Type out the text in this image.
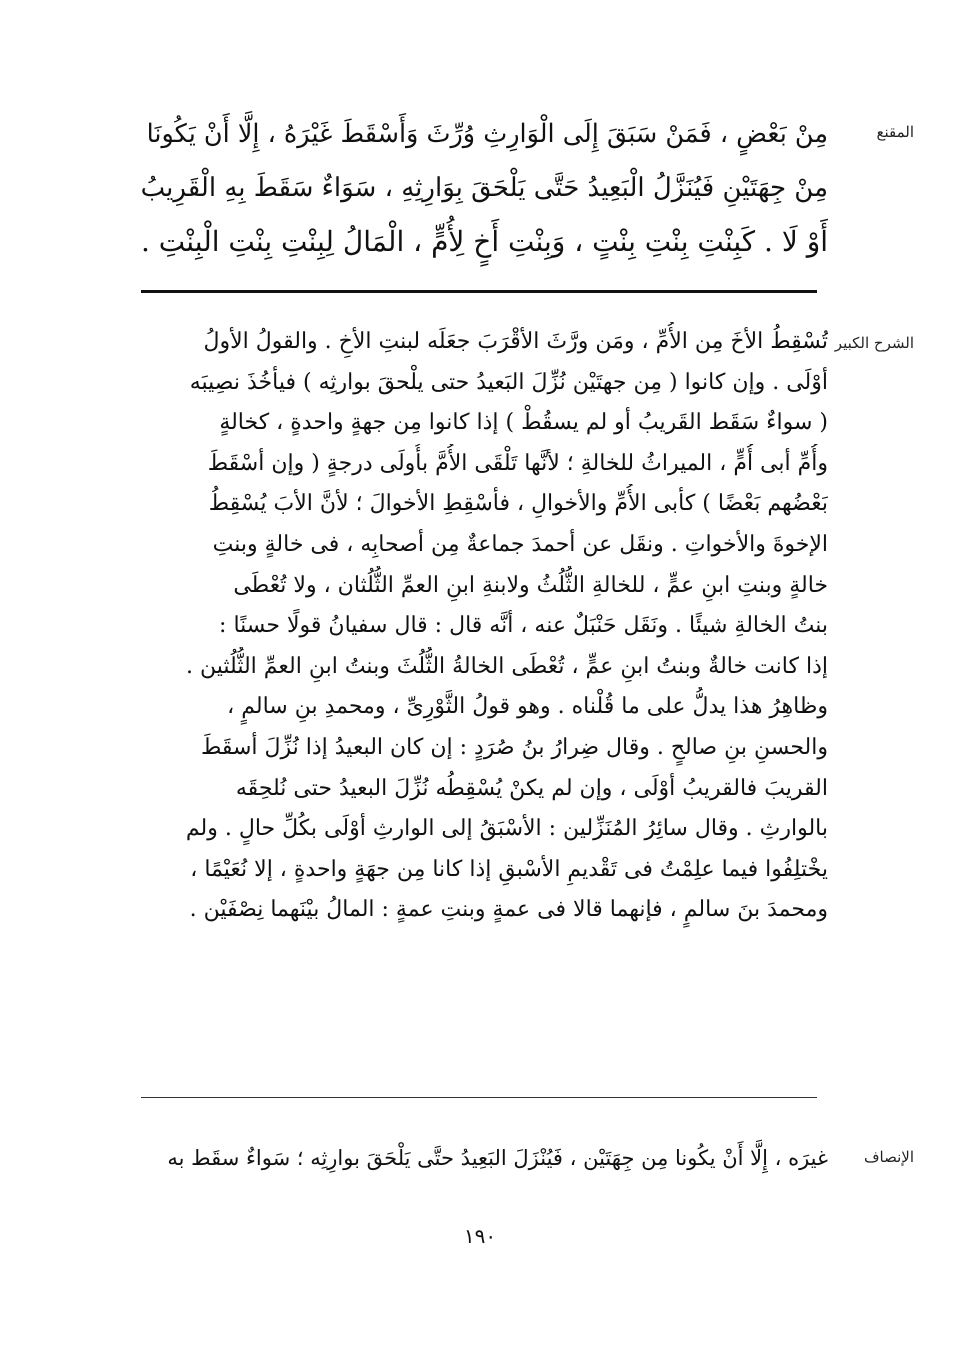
المقنع
مِنْ بَعْضٍ ، فَمَنْ سَبَقَ إِلَى الْوَارِثِ وُرِّثَ وَأَسْقَطَ غَيْرَهُ ، إِلَّا أَنْ يَكُونَا
مِنْ جِهَتَيْنِ فَيُنَزَّلُ الْبَعِيدُ حَتَّى يَلْحَقَ بِوَارِثِهِ ، سَوَاءٌ سَقَطَ بِهِ الْقَرِيبُ
أَوْ لَا . كَبِنْتِ بِنْتِ بِنْتٍ ، وَبِنْتِ أَخٍ لِأُمٍّ ، الْمَالُ لِبِنْتِ بِنْتِ الْبِنْتِ .
الشرح الكبير
تُسْقِطُ الأخَ مِن الأُمِّ ، ومَن ورَّثَ الأقْرَبَ جعَلَه لبنتِ الأخِ . والقولُ الأولُ
أوْلَى . وإن كانوا ( مِن جهتَيْن نُزِّلَ البَعيدُ حتى يلْحقَ بوارثِه ) فيأخُذَ نصِيبَه
( سواءٌ سَقَط القَريبُ أو لم يسقُطْ ) إذا كانوا مِن جهةٍ واحدةٍ ، كخالةٍ
وأُمِّ أبى أُمٍّ ، الميراثُ للخالةِ ؛ لأنَّها تَلْقَى الأُمَّ بأُولَى درجةٍ ( وإن أسْقَطَ
بَعْضُهم بَعْضًا ) كأبى الأُمِّ والأخوالِ ، فأسْقِطِ الأخوالَ ؛ لأنَّ الأبَ يُسْقِطُ
الإخوةَ والأخواتِ . ونقَل عن أحمدَ جماعةٌ مِن أصحابِه ، فى خالةٍ وبنتِ
خالةٍ وبنتِ ابنِ عمٍّ ، للخالةِ الثُّلُثُ ولابنةِ ابنِ العمِّ الثُّلُثان ، ولا تُعْطَى
بنتُ الخالةِ شيئًا . ونَقَل حَنْبَلٌ عنه ، أنَّه قال : قال سفيانُ قولًا حسنًا :
إذا كانت خالةٌ وبنتُ ابنِ عمٍّ ، تُعْطَى الخالةُ الثُّلُثَ وبنتُ ابنِ العمِّ الثُّلُثين .
وظاهِرُ هذا يدلُّ على ما قُلْناه . وهو قولُ الثَّوْرِىِّ ، ومحمدِ بنِ سالمٍ ،
والحسنِ بنِ صالحٍ . وقال ضِرارُ بنُ صُرَدٍ : إن كان البعيدُ إذا نُزِّلَ أسقَطَ
القريبَ فالقريبُ أوْلَى ، وإن لم يكنْ يُسْقِطُه نُزِّلَ البعيدُ حتى نُلحِقَه
بالوارثِ . وقال سائِرُ المُنَزِّلين : الأسْبَقُ إلى الوارثِ أوْلَى بكُلِّ حالٍ . ولم
يخْتلِفُوا فيما علِمْتُ فى تَقْديمِ الأسْبقِ إذا كانا مِن جهَةٍ واحدةٍ ، إلا نُعَيْمًا ،
ومحمدَ بنَ سالمٍ ، فإنهما قالا فى عمةٍ وبنتِ عمةٍ : المالُ بيْنَهما نِصْفَيْن .
الإنصاف
غيرَه ، إِلَّا أَنْ يكُونا مِن جِهَتَيْن ، فَيُنْزَلَ البَعِيدُ حتَّى يَلْحَقَ بوارِثِه ؛ سَواءٌ سقَط به
١٩٠
